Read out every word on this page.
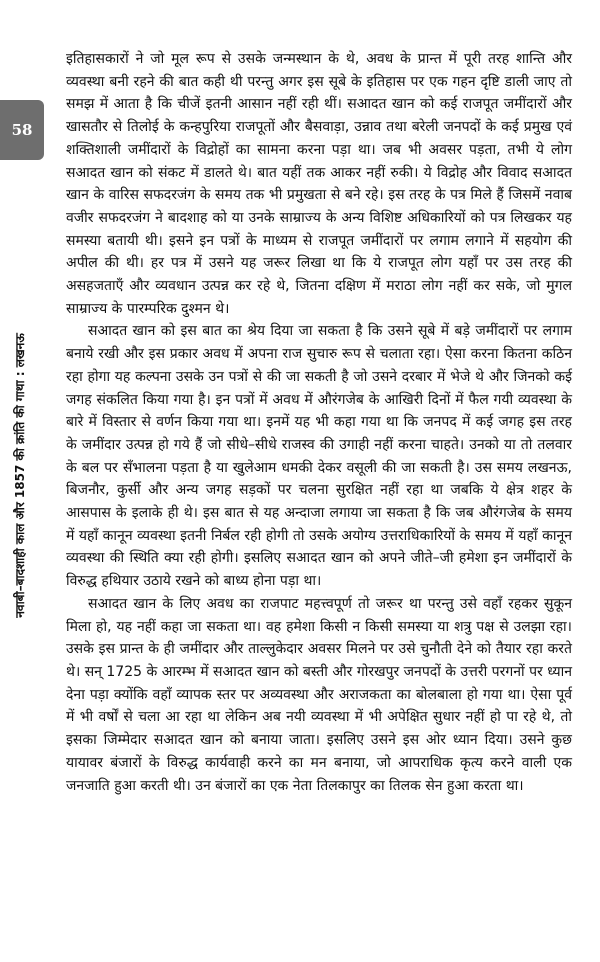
58
नवाबी–बादशाही काल और 1857 की क्रांति की गाथा : लखनऊ

इतिहासकारों ने जो मूल रूप से उसके जन्मस्थान के थे, अवध के प्रान्त में पूरी तरह शान्ति और व्यवस्था बनी रहने की बात कही थी परन्तु अगर इस सूबे के इतिहास पर एक गहन दृष्टि डाली जाए तो समझ में आता है कि चीजें इतनी आसान नहीं रही थीं। सआदत खान को कई राजपूत जमींदारों और खासतौर से तिलोई के कन्हपुरिया राजपूतों और बैसवाड़ा, उन्नाव तथा बरेली जनपदों के कई प्रमुख एवं शक्तिशाली जमींदारों के विद्रोहों का सामना करना पड़ा था। जब भी अवसर पड़ता, तभी ये लोग सआदत खान को संकट में डालते थे। बात यहीं तक आकर नहीं रुकी। ये विद्रोह और विवाद सआदत खान के वारिस सफदरजंग के समय तक भी प्रमुखता से बने रहे। इस तरह के पत्र मिले हैं जिसमें नवाब वजीर सफदरजंग ने बादशाह को या उनके साम्राज्य के अन्य विशिष्ट अधिकारियों को पत्र लिखकर यह समस्या बतायी थी। इसने इन पत्रों के माध्यम से राजपूत जमींदारों पर लगाम लगाने में सहयोग की अपील की थी। हर पत्र में उसने यह जरूर लिखा था कि ये राजपूत लोग यहाँ पर उस तरह की असहजताएँ और व्यवधान उत्पन्न कर रहे थे, जितना दक्षिण में मराठा लोग नहीं कर सके, जो मुगल साम्राज्य के पारम्परिक दुश्मन थे।

सआदत खान को इस बात का श्रेय दिया जा सकता है कि उसने सूबे में बड़े जमींदारों पर लगाम बनाये रखी और इस प्रकार अवध में अपना राज सुचारु रूप से चलाता रहा। ऐसा करना कितना कठिन रहा होगा यह कल्पना उसके उन पत्रों से की जा सकती है जो उसने दरबार में भेजे थे और जिनको कई जगह संकलित किया गया है। इन पत्रों में अवध में औरंगजेब के आखिरी दिनों में फैल गयी व्यवस्था के बारे में विस्तार से वर्णन किया गया था। इनमें यह भी कहा गया था कि जनपद में कई जगह इस तरह के जमींदार उत्पन्न हो गये हैं जो सीधे–सीधे राजस्व की उगाही नहीं करना चाहते। उनको या तो तलवार के बल पर सँभालना पड़ता है या खुलेआम धमकी देकर वसूली की जा सकती है। उस समय लखनऊ, बिजनौर, कुर्सी और अन्य जगह सड़कों पर चलना सुरक्षित नहीं रहा था जबकि ये क्षेत्र शहर के आसपास के इलाके ही थे। इस बात से यह अन्दाजा लगाया जा सकता है कि जब औरंगजेब के समय में यहाँ कानून व्यवस्था इतनी निर्बल रही होगी तो उसके अयोग्य उत्तराधिकारियों के समय में यहाँ कानून व्यवस्था की स्थिति क्या रही होगी। इसलिए सआदत खान को अपने जीते–जी हमेशा इन जमींदारों के विरुद्ध हथियार उठाये रखने को बाध्य होना पड़ा था।

सआदत खान के लिए अवध का राजपाट महत्त्वपूर्ण तो जरूर था परन्तु उसे वहाँ रहकर सुकून मिला हो, यह नहीं कहा जा सकता था। वह हमेशा किसी न किसी समस्या या शत्रु पक्ष से उलझा रहा। उसके इस प्रान्त के ही जमींदार और ताल्लुकेदार अवसर मिलने पर उसे चुनौती देने को तैयार रहा करते थे। सन् 1725 के आरम्भ में सआदत खान को बस्ती और गोरखपुर जनपदों के उत्तरी परगनों पर ध्यान देना पड़ा क्योंकि वहाँ व्यापक स्तर पर अव्यवस्था और अराजकता का बोलबाला हो गया था। ऐसा पूर्व में भी वर्षों से चला आ रहा था लेकिन अब नयी व्यवस्था में भी अपेक्षित सुधार नहीं हो पा रहे थे, तो इसका जिम्मेदार सआदत खान को बनाया जाता। इसलिए उसने इस ओर ध्यान दिया। उसने कुछ यायावर बंजारों के विरुद्ध कार्यवाही करने का मन बनाया, जो आपराधिक कृत्य करने वाली एक जनजाति हुआ करती थी। उन बंजारों का एक नेता तिलकापुर का तिलक सेन हुआ करता था।
